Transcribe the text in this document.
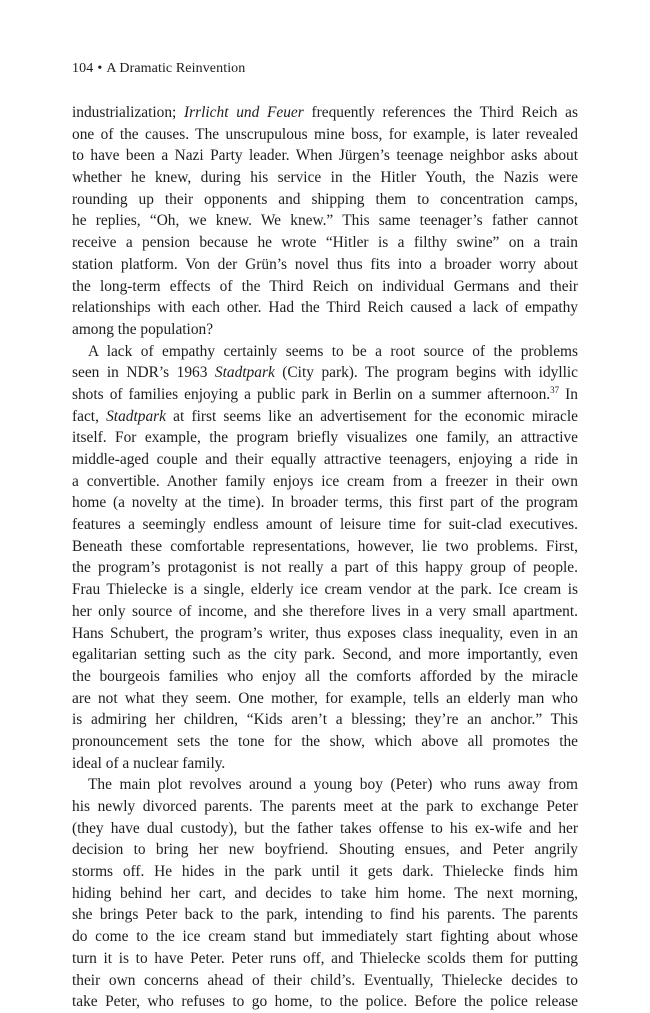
104 • A Dramatic Reinvention
industrialization; Irrlicht und Feuer frequently references the Third Reich as
one of the causes. The unscrupulous mine boss, for example, is later revealed
to have been a Nazi Party leader. When Jürgen’s teenage neighbor asks about
whether he knew, during his service in the Hitler Youth, the Nazis were
rounding up their opponents and shipping them to concentration camps,
he replies, “Oh, we knew. We knew.” This same teenager’s father cannot
receive a pension because he wrote “Hitler is a filthy swine” on a train
station platform. Von der Grün’s novel thus fits into a broader worry about
the long-term effects of the Third Reich on individual Germans and their
relationships with each other. Had the Third Reich caused a lack of empathy
among the population?
A lack of empathy certainly seems to be a root source of the problems
seen in NDR’s 1963 Stadtpark (City park). The program begins with idyllic
shots of families enjoying a public park in Berlin on a summer afternoon.$^{37}$ In
fact, Stadtpark at first seems like an advertisement for the economic miracle
itself. For example, the program briefly visualizes one family, an attractive
middle-aged couple and their equally attractive teenagers, enjoying a ride in
a convertible. Another family enjoys ice cream from a freezer in their own
home (a novelty at the time). In broader terms, this first part of the program
features a seemingly endless amount of leisure time for suit-clad executives.
Beneath these comfortable representations, however, lie two problems. First,
the program’s protagonist is not really a part of this happy group of people.
Frau Thielecke is a single, elderly ice cream vendor at the park. Ice cream is
her only source of income, and she therefore lives in a very small apartment.
Hans Schubert, the program’s writer, thus exposes class inequality, even in an
egalitarian setting such as the city park. Second, and more importantly, even
the bourgeois families who enjoy all the comforts afforded by the miracle
are not what they seem. One mother, for example, tells an elderly man who
is admiring her children, “Kids aren’t a blessing; they’re an anchor.” This
pronouncement sets the tone for the show, which above all promotes the
ideal of a nuclear family.
The main plot revolves around a young boy (Peter) who runs away from
his newly divorced parents. The parents meet at the park to exchange Peter
(they have dual custody), but the father takes offense to his ex-wife and her
decision to bring her new boyfriend. Shouting ensues, and Peter angrily
storms off. He hides in the park until it gets dark. Thielecke finds him
hiding behind her cart, and decides to take him home. The next morning,
she brings Peter back to the park, intending to find his parents. The parents
do come to the ice cream stand but immediately start fighting about whose
turn it is to have Peter. Peter runs off, and Thielecke scolds them for putting
their own concerns ahead of their child’s. Eventually, Thielecke decides to
take Peter, who refuses to go home, to the police. Before the police release
